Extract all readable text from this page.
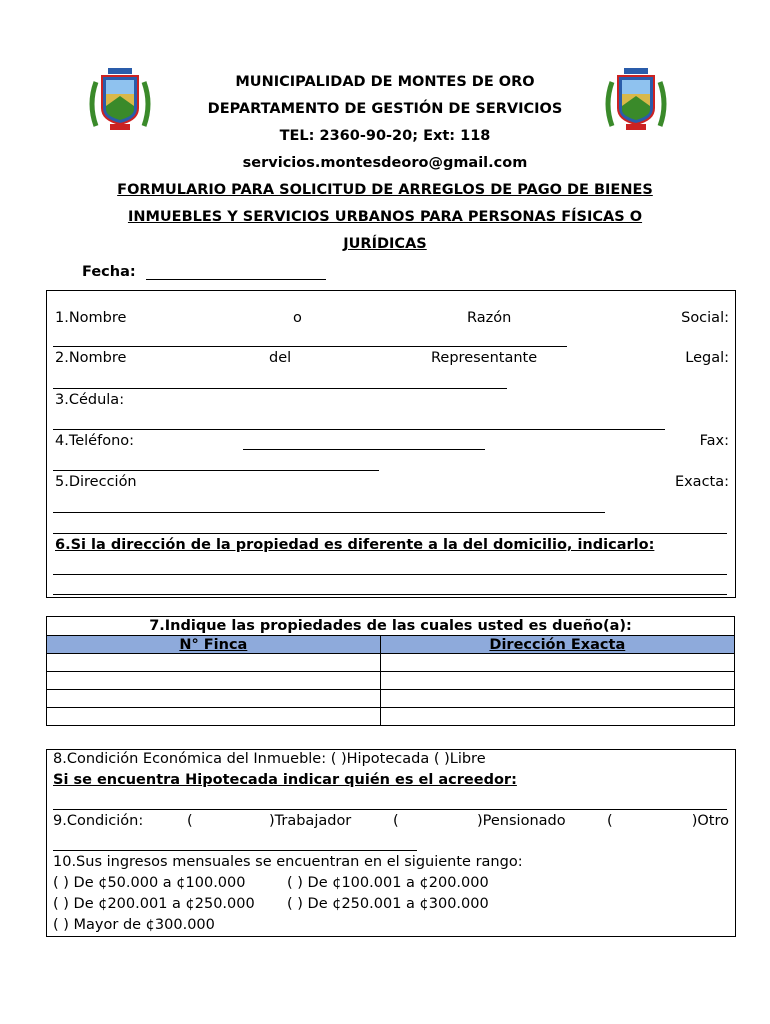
MUNICIPALIDAD DE MONTES DE ORO
DEPARTAMENTO DE GESTIÓN DE SERVICIOS
TEL: 2360-90-20; Ext: 118
servicios.montesdeoro@gmail.com
FORMULARIO PARA SOLICITUD DE ARREGLOS DE PAGO DE BIENES
INMUEBLES Y SERVICIOS URBANOS PARA PERSONAS FÍSICAS O
JURÍDICAS
Fecha:
1.Nombre	o	Razón	Social:
2.Nombre	del	Representante	Legal:
3.Cédula:
4.Teléfono:	Fax:
5.Dirección	Exacta:
6.Si la dirección de la propiedad es diferente a la del domicilio, indicarlo:
7.Indique las propiedades de las cuales usted es dueño(a):	
N° Finca	Dirección Exacta

8.Condición Económica del Inmueble: ( )Hipotecada ( )Libre
Si se encuentra Hipotecada indicar quién es el acreedor:
9.Condición:	(	)Trabajador	(	)Pensionado	(	)Otro
10.Sus ingresos mensuales se encuentran en el siguiente rango:
( ) De ¢50.000 a ¢100.000	( ) De ¢100.001 a ¢200.000
( ) De ¢200.001 a ¢250.000 ( ) De ¢250.001 a ¢300.000
( ) Mayor de ¢300.000
